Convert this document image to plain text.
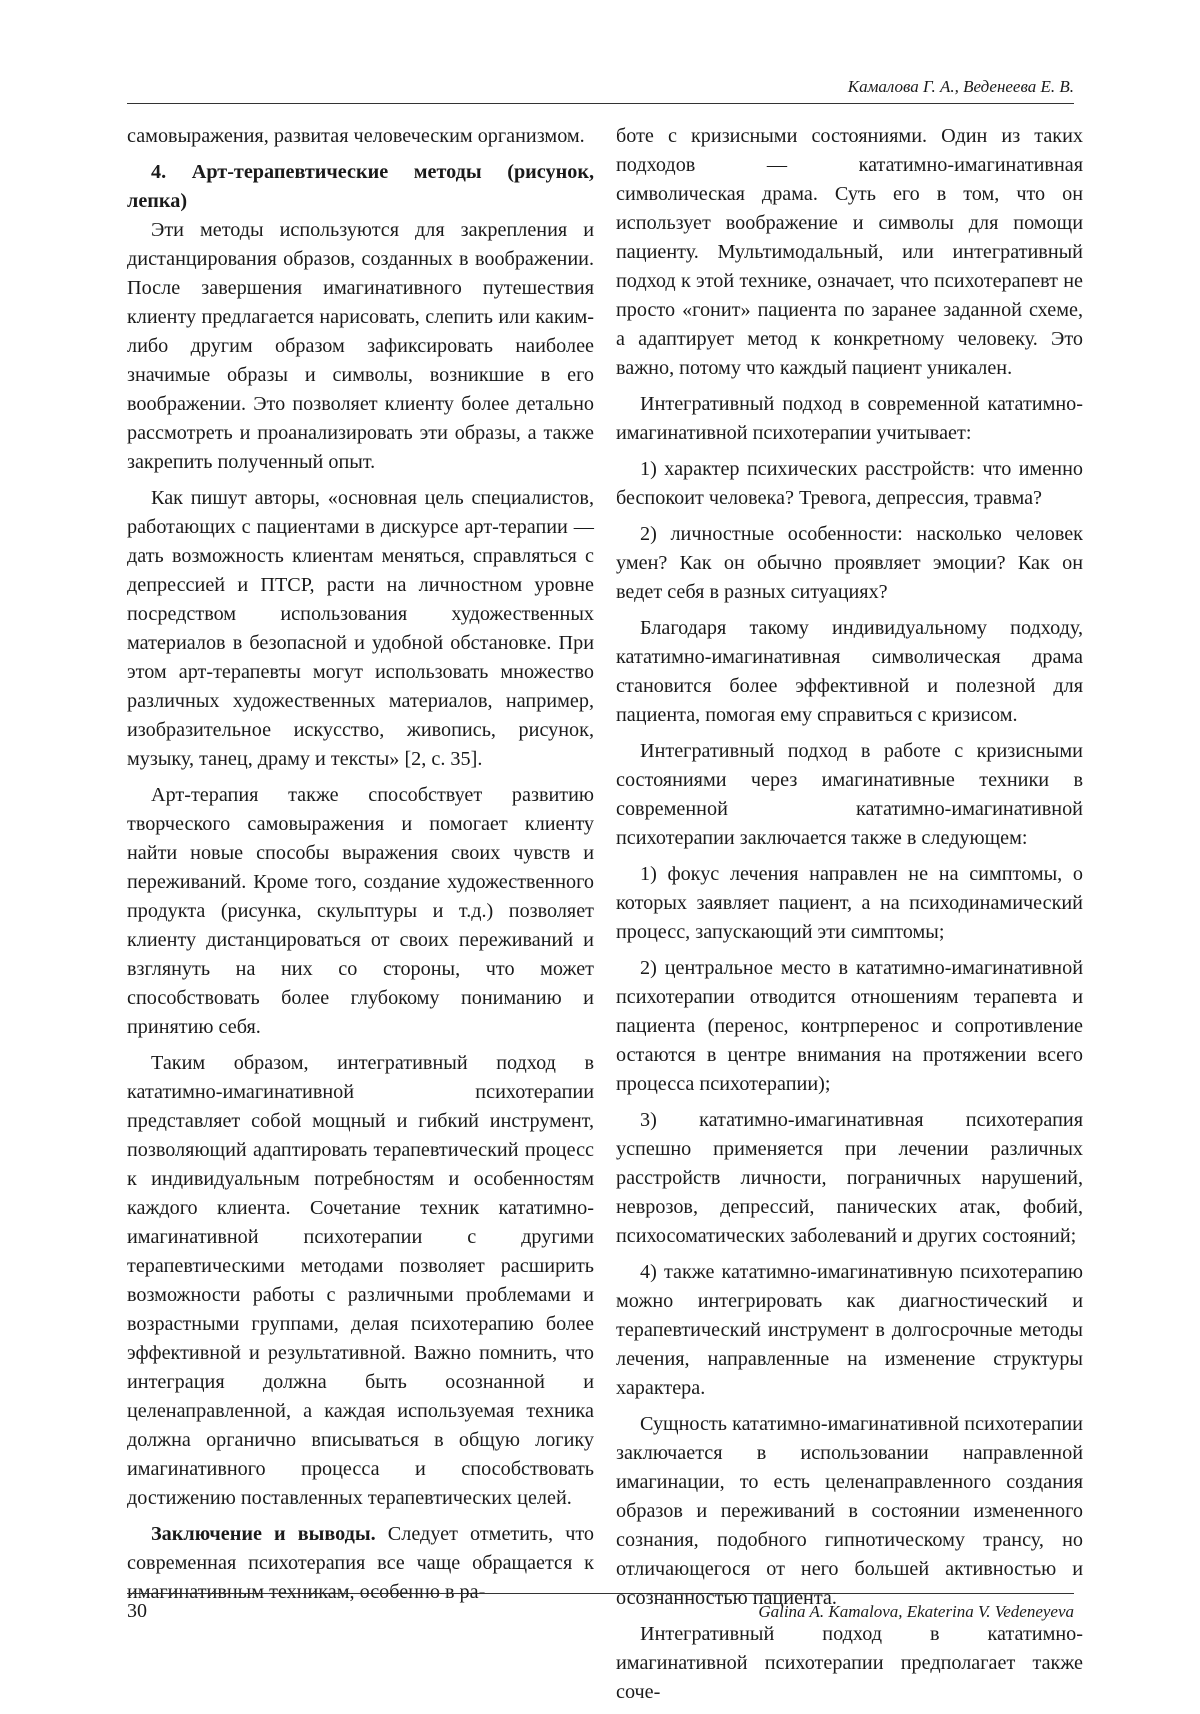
Камалова Г. А., Веденеева Е. В.

самовыражения, развитая человеческим организмом.

4. Арт-терапевтические методы (рисунок, лепка)

Эти методы используются для закрепления и дистанцирования образов, созданных в воображении. После завершения имагинативного путешествия клиенту предлагается нарисовать, слепить или каким-либо другим образом зафиксировать наиболее значимые образы и символы, возникшие в его воображении. Это позволяет клиенту более детально рассмотреть и проанализировать эти образы, а также закрепить полученный опыт.

Как пишут авторы, «основная цель специалистов, работающих с пациентами в дискурсе арт-терапии — дать возможность клиентам меняться, справляться с депрессией и ПТСР, расти на личностном уровне посредством использования художественных материалов в безопасной и удобной обстановке. При этом арт-терапевты могут использовать множество различных художественных материалов, например, изобразительное искусство, живопись, рисунок, музыку, танец, драму и тексты» [2, с. 35].

Арт-терапия также способствует развитию творческого самовыражения и помогает клиенту найти новые способы выражения своих чувств и переживаний. Кроме того, создание художественного продукта (рисунка, скульптуры и т.д.) позволяет клиенту дистанцироваться от своих переживаний и взглянуть на них со стороны, что может способствовать более глубокому пониманию и принятию себя.

Таким образом, интегративный подход в кататимно-имагинативной психотерапии представляет собой мощный и гибкий инструмент, позволяющий адаптировать терапевтический процесс к индивидуальным потребностям и особенностям каждого клиента. Сочетание техник кататимно-имагинативной психотерапии с другими терапевтическими методами позволяет расширить возможности работы с различными проблемами и возрастными группами, делая психотерапию более эффективной и результативной. Важно помнить, что интеграция должна быть осознанной и целенаправленной, а каждая используемая техника должна органично вписываться в общую логику имагинативного процесса и способствовать достижению поставленных терапевтических целей.

Заключение и выводы. Следует отметить, что современная психотерапия все чаще обращается к имагинативным техникам, особенно в ра-

боте с кризисными состояниями. Один из таких подходов — кататимно-имагинативная символическая драма. Суть его в том, что он использует воображение и символы для помощи пациенту. Мультимодальный, или интегративный подход к этой технике, означает, что психотерапевт не просто «гонит» пациента по заранее заданной схеме, а адаптирует метод к конкретному человеку. Это важно, потому что каждый пациент уникален.

Интегративный подход в современной кататимно-имагинативной психотерапии учитывает:

1) характер психических расстройств: что именно беспокоит человека? Тревога, депрессия, травма?

2) личностные особенности: насколько человек умен? Как он обычно проявляет эмоции? Как он ведет себя в разных ситуациях?

Благодаря такому индивидуальному подходу, кататимно-имагинативная символическая драма становится более эффективной и полезной для пациента, помогая ему справиться с кризисом.

Интегративный подход в работе с кризисными состояниями через имагинативные техники в современной кататимно-имагинативной психотерапии заключается также в следующем:

1) фокус лечения направлен не на симптомы, о которых заявляет пациент, а на психодинамический процесс, запускающий эти симптомы;

2) центральное место в кататимно-имагинативной психотерапии отводится отношениям терапевта и пациента (перенос, контрперенос и сопротивление остаются в центре внимания на протяжении всего процесса психотерапии);

3) кататимно-имагинативная психотерапия успешно применяется при лечении различных расстройств личности, пограничных нарушений, неврозов, депрессий, панических атак, фобий, психосоматических заболеваний и других состояний;

4) также кататимно-имагинативную психотерапию можно интегрировать как диагностический и терапевтический инструмент в долгосрочные методы лечения, направленные на изменение структуры характера.

Сущность кататимно-имагинативной психотерапии заключается в использовании направленной имагинации, то есть целенаправленного создания образов и переживаний в состоянии измененного сознания, подобного гипнотическому трансу, но отличающегося от него большей активностью и осознанностью пациента.

Интегративный подход в кататимно-имагинативной психотерапии предполагает также соче-

30	Galina A. Kamalova, Ekaterina V. Vedeneyeva
